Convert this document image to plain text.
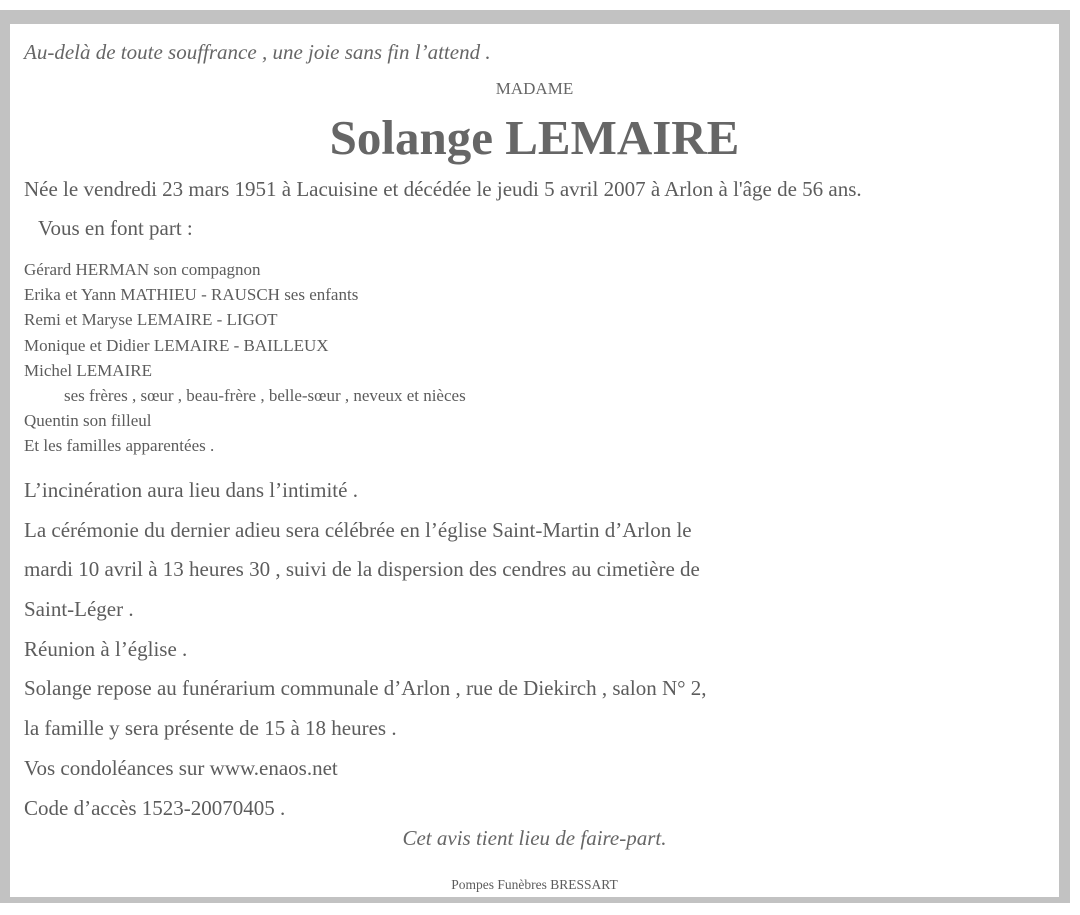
Au-delà de toute souffrance , une joie sans fin l’attend .
MADAME
Solange LEMAIRE
Née le vendredi 23 mars 1951 à Lacuisine et décédée le jeudi 5 avril 2007 à Arlon à l'âge de 56 ans.
Vous en font part :
Gérard HERMAN son compagnon
Erika et Yann MATHIEU - RAUSCH ses enfants
Remi et Maryse LEMAIRE - LIGOT
Monique et Didier LEMAIRE - BAILLEUX
Michel LEMAIRE
ses frères , sœur , beau-frère , belle-sœur , neveux et nièces
Quentin son filleul
Et les familles apparentées .
L’incinération aura lieu dans l’intimité .
La cérémonie du dernier adieu sera célébrée en l’église Saint-Martin d’Arlon le
mardi 10 avril à 13 heures 30 , suivi de la dispersion des cendres au cimetière de
Saint-Léger .
Réunion à l’église .
Solange repose au funérarium communale d’Arlon , rue de Diekirch , salon N° 2,
la famille y sera présente de 15 à 18 heures .
Vos condoléances sur www.enaos.net
Code d’accès 1523-20070405 .
Cet avis tient lieu de faire-part.
Pompes Funèbres BRESSART
